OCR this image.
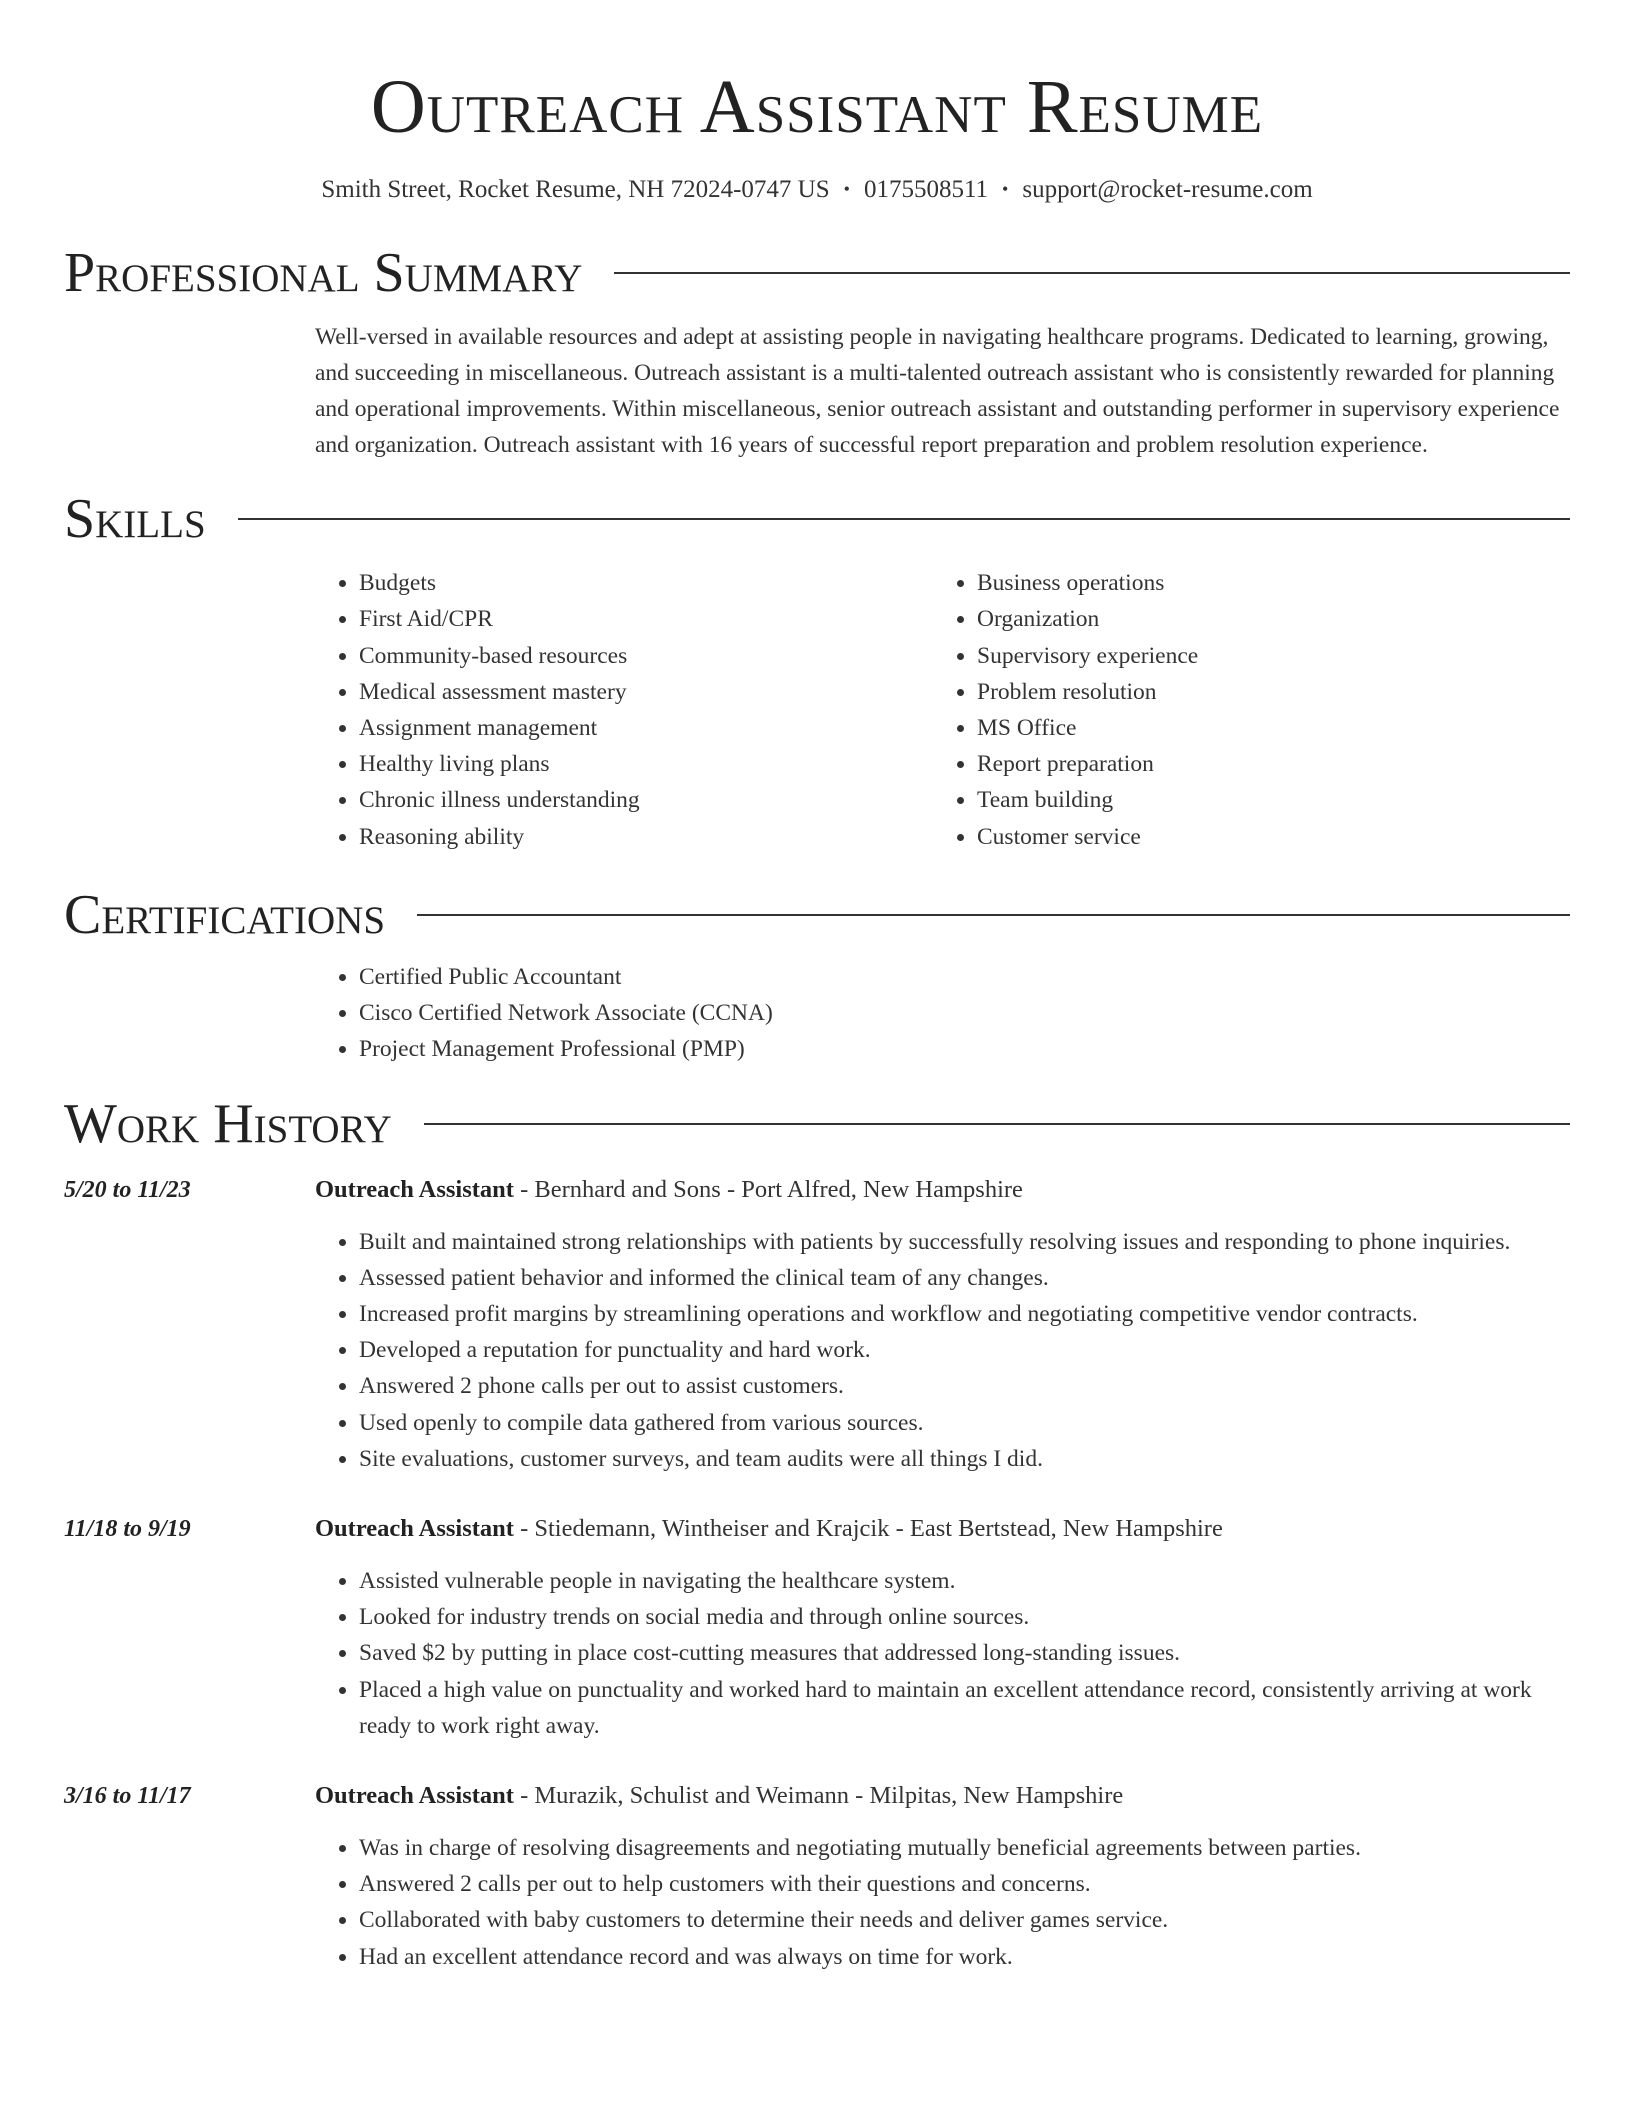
Outreach Assistant Resume
Smith Street, Rocket Resume, NH 72024-0747 US • 0175508511 • support@rocket-resume.com
Professional Summary

Well-versed in available resources and adept at assisting people in navigating healthcare programs. Dedicated to learning, growing, and succeeding in miscellaneous. Outreach assistant is a multi-talented outreach assistant who is consistently rewarded for planning and operational improvements. Within miscellaneous, senior outreach assistant and outstanding performer in supervisory experience and organization. Outreach assistant with 16 years of successful report preparation and problem resolution experience.

Skills
• Budgets
• First Aid/CPR
• Community-based resources
• Medical assessment mastery
• Assignment management
• Healthy living plans
• Chronic illness understanding
• Reasoning ability
• Business operations
• Organization
• Supervisory experience
• Problem resolution
• MS Office
• Report preparation
• Team building
• Customer service
Certifications
• Certified Public Accountant
• Cisco Certified Network Associate (CCNA)
• Project Management Professional (PMP)
Work History
5/20 to 11/23	Outreach Assistant - Bernhard and Sons - Port Alfred, New Hampshire
• Built and maintained strong relationships with patients by successfully resolving issues and responding to phone inquiries.
• Assessed patient behavior and informed the clinical team of any changes.
• Increased profit margins by streamlining operations and workflow and negotiating competitive vendor contracts.
• Developed a reputation for punctuality and hard work.
• Answered 2 phone calls per out to assist customers.
• Used openly to compile data gathered from various sources.
• Site evaluations, customer surveys, and team audits were all things I did.
11/18 to 9/19	Outreach Assistant - Stiedemann, Wintheiser and Krajcik - East Bertstead, New Hampshire
• Assisted vulnerable people in navigating the healthcare system.
• Looked for industry trends on social media and through online sources.
• Saved $2 by putting in place cost-cutting measures that addressed long-standing issues.
• Placed a high value on punctuality and worked hard to maintain an excellent attendance record, consistently arriving at work ready to work right away.
3/16 to 11/17	Outreach Assistant - Murazik, Schulist and Weimann - Milpitas, New Hampshire
• Was in charge of resolving disagreements and negotiating mutually beneficial agreements between parties.
• Answered 2 calls per out to help customers with their questions and concerns.
• Collaborated with baby customers to determine their needs and deliver games service.
• Had an excellent attendance record and was always on time for work.
